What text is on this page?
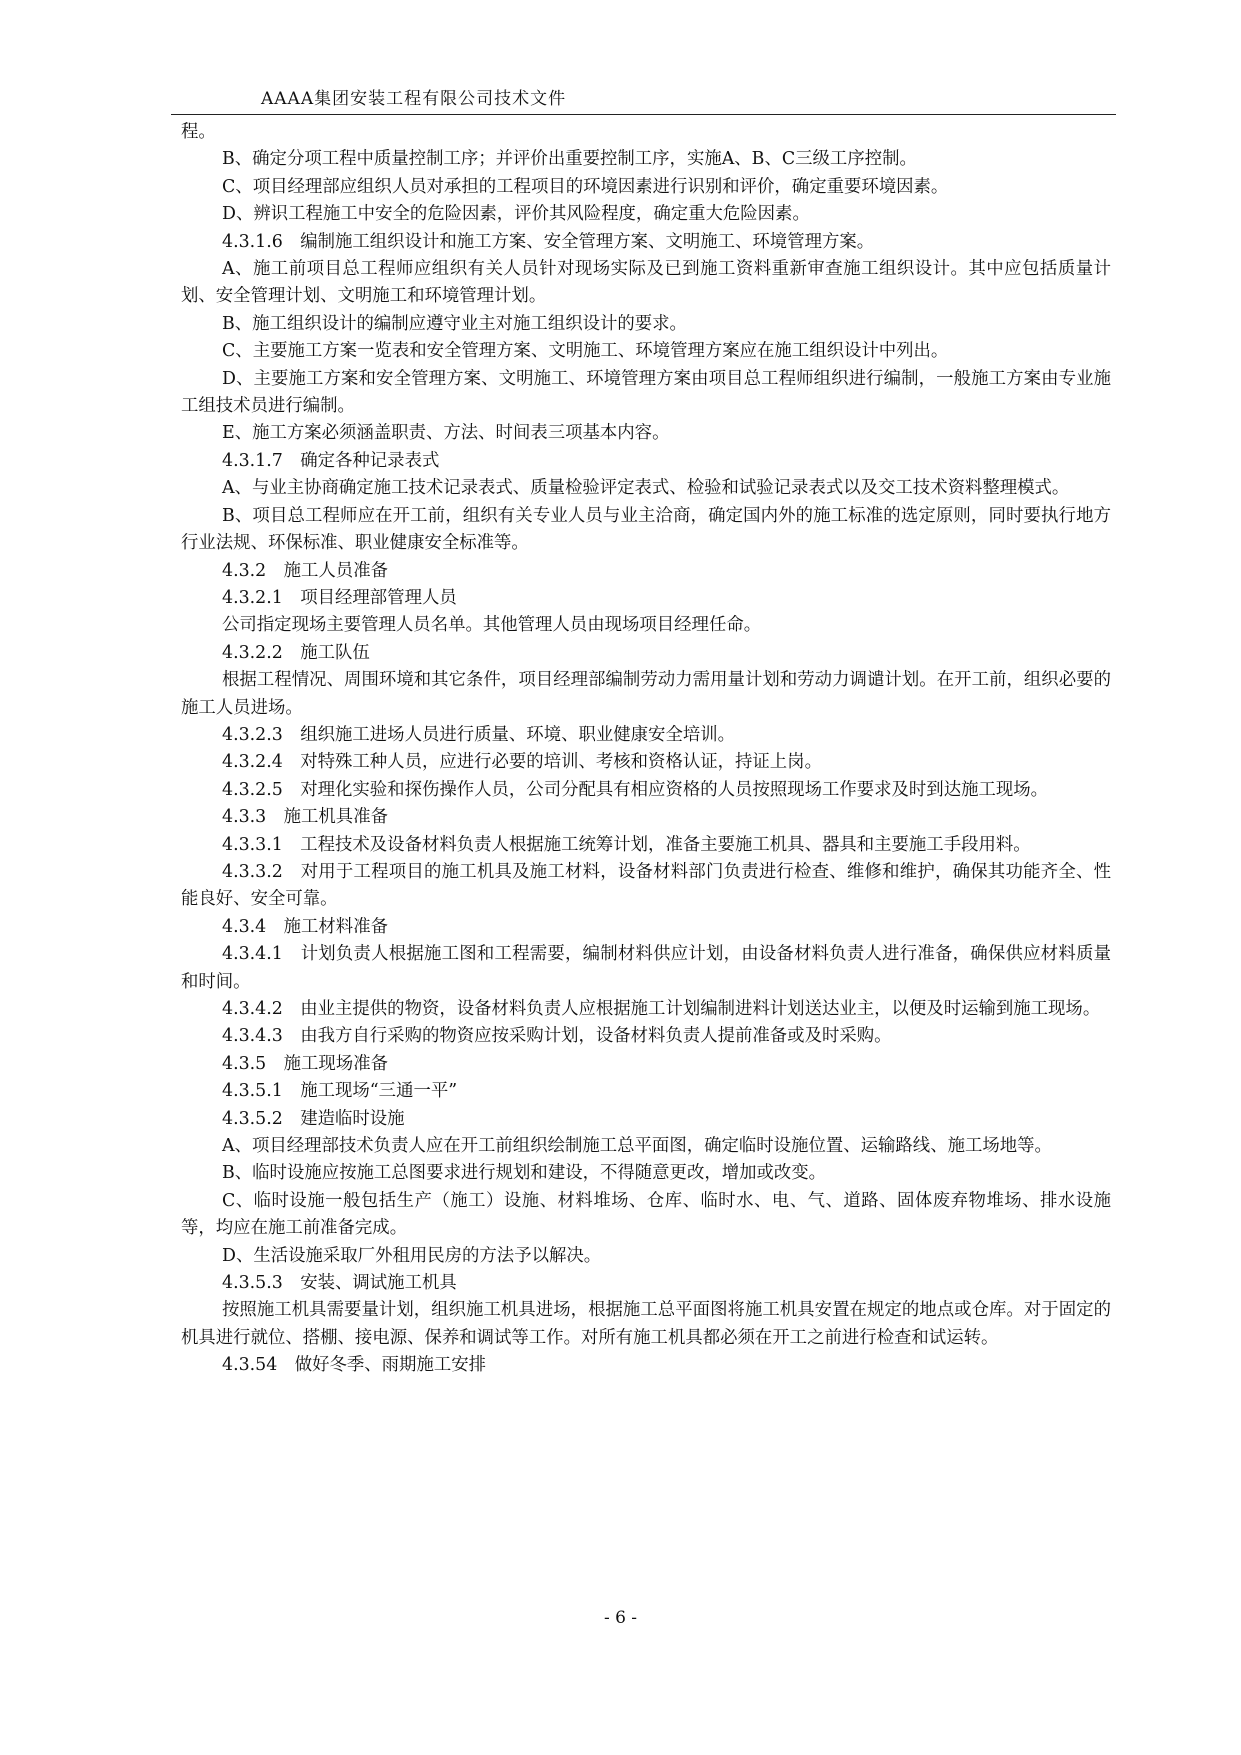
AAAA集团安装工程有限公司技术文件

程。

B、确定分项工程中质量控制工序；并评价出重要控制工序，实施A、B、C三级工序控制。

C、项目经理部应组织人员对承担的工程项目的环境因素进行识别和评价，确定重要环境因素。

D、辨识工程施工中安全的危险因素，评价其风险程度，确定重大危险因素。

4.3.1.6　编制施工组织设计和施工方案、安全管理方案、文明施工、环境管理方案。

A、施工前项目总工程师应组织有关人员针对现场实际及已到施工资料重新审查施工组织设计。其中应包括质量计划、安全管理计划、文明施工和环境管理计划。

B、施工组织设计的编制应遵守业主对施工组织设计的要求。

C、主要施工方案一览表和安全管理方案、文明施工、环境管理方案应在施工组织设计中列出。

D、主要施工方案和安全管理方案、文明施工、环境管理方案由项目总工程师组织进行编制，一般施工方案由专业施工组技术员进行编制。

E、施工方案必须涵盖职责、方法、时间表三项基本内容。

4.3.1.7　确定各种记录表式

A、与业主协商确定施工技术记录表式、质量检验评定表式、检验和试验记录表式以及交工技术资料整理模式。

B、项目总工程师应在开工前，组织有关专业人员与业主洽商，确定国内外的施工标准的选定原则，同时要执行地方行业法规、环保标准、职业健康安全标准等。

4.3.2　施工人员准备

4.3.2.1　项目经理部管理人员

公司指定现场主要管理人员名单。其他管理人员由现场项目经理任命。

4.3.2.2　施工队伍

根据工程情况、周围环境和其它条件，项目经理部编制劳动力需用量计划和劳动力调谴计划。在开工前，组织必要的施工人员进场。

4.3.2.3　组织施工进场人员进行质量、环境、职业健康安全培训。

4.3.2.4　对特殊工种人员，应进行必要的培训、考核和资格认证，持证上岗。

4.3.2.5　对理化实验和探伤操作人员，公司分配具有相应资格的人员按照现场工作要求及时到达施工现场。

4.3.3　施工机具准备

4.3.3.1　工程技术及设备材料负责人根据施工统筹计划，准备主要施工机具、器具和主要施工手段用料。

4.3.3.2　对用于工程项目的施工机具及施工材料，设备材料部门负责进行检查、维修和维护，确保其功能齐全、性能良好、安全可靠。

4.3.4　施工材料准备

4.3.4.1　计划负责人根据施工图和工程需要，编制材料供应计划，由设备材料负责人进行准备，确保供应材料质量和时间。

4.3.4.2　由业主提供的物资，设备材料负责人应根据施工计划编制进料计划送达业主，以便及时运输到施工现场。

4.3.4.3　由我方自行采购的物资应按采购计划，设备材料负责人提前准备或及时采购。

4.3.5　施工现场准备

4.3.5.1　施工现场“三通一平”

4.3.5.2　建造临时设施

A、项目经理部技术负责人应在开工前组织绘制施工总平面图，确定临时设施位置、运输路线、施工场地等。

B、临时设施应按施工总图要求进行规划和建设，不得随意更改，增加或改变。

C、临时设施一般包括生产（施工）设施、材料堆场、仓库、临时水、电、气、道路、固体废弃物堆场、排水设施等，均应在施工前准备完成。

D、生活设施采取厂外租用民房的方法予以解决。

4.3.5.3　安装、调试施工机具

按照施工机具需要量计划，组织施工机具进场，根据施工总平面图将施工机具安置在规定的地点或仓库。对于固定的机具进行就位、搭棚、接电源、保养和调试等工作。对所有施工机具都必须在开工之前进行检查和试运转。

4.3.54　做好冬季、雨期施工安排

- 6 -
